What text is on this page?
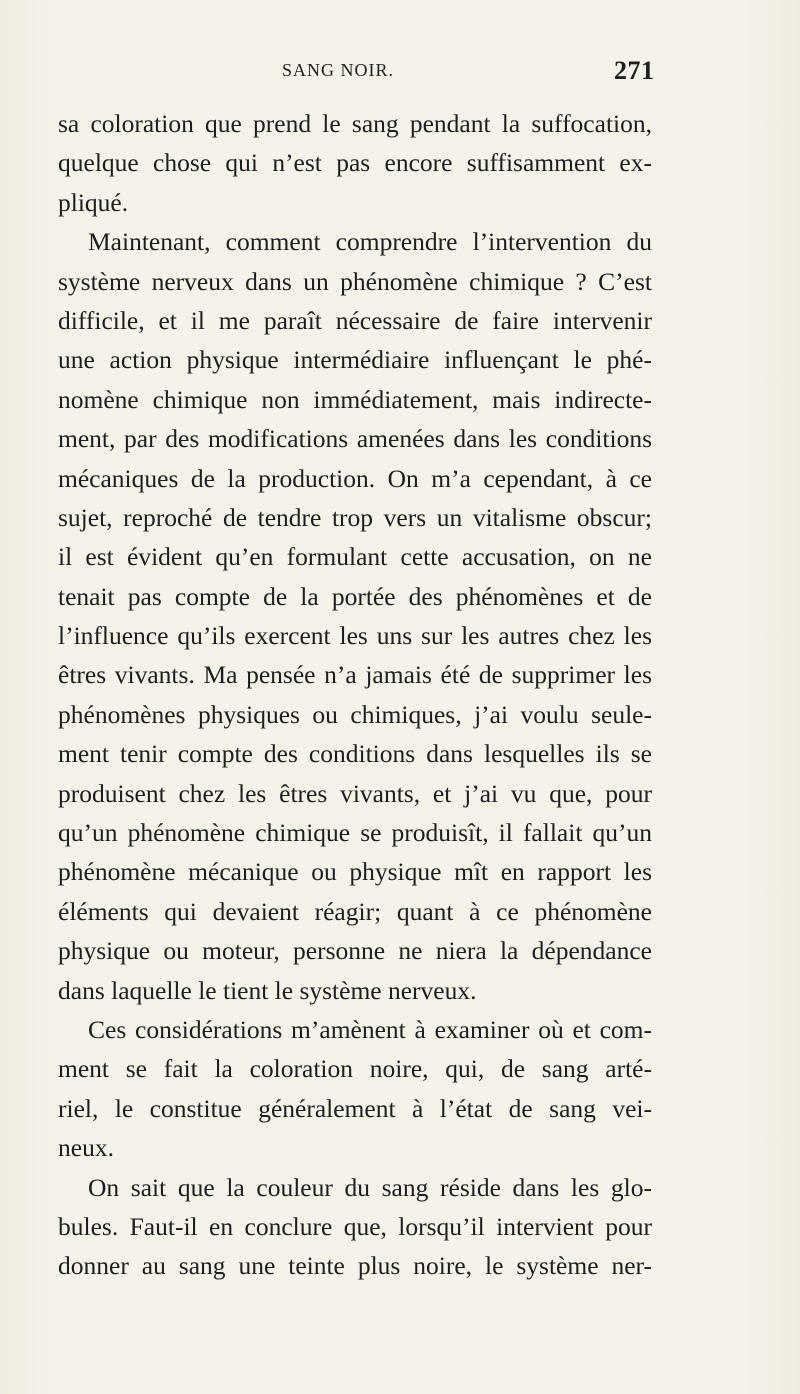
SANG NOIR.	271
sa coloration que prend le sang pendant la suffocation,
quelque chose qui n’est pas encore suffisamment ex-
pliqué.
Maintenant, comment comprendre l’intervention du
système nerveux dans un phénomène chimique ? C’est
difficile, et il me paraît nécessaire de faire intervenir
une action physique intermédiaire influençant le phé-
nomène chimique non immédiatement, mais indirecte-
ment, par des modifications amenées dans les conditions
mécaniques de la production. On m’a cependant, à ce
sujet, reproché de tendre trop vers un vitalisme obscur;
il est évident qu’en formulant cette accusation, on ne
tenait pas compte de la portée des phénomènes et de
l’influence qu’ils exercent les uns sur les autres chez les
êtres vivants. Ma pensée n’a jamais été de supprimer les
phénomènes physiques ou chimiques, j’ai voulu seule-
ment tenir compte des conditions dans lesquelles ils se
produisent chez les êtres vivants, et j’ai vu que, pour
qu’un phénomène chimique se produisît, il fallait qu’un
phénomène mécanique ou physique mît en rapport les
éléments qui devaient réagir; quant à ce phénomène
physique ou moteur, personne ne niera la dépendance
dans laquelle le tient le système nerveux.
Ces considérations m’amènent à examiner où et com-
ment se fait la coloration noire, qui, de sang arté-
riel, le constitue généralement à l’état de sang vei-
neux.
On sait que la couleur du sang réside dans les glo-
bules. Faut-il en conclure que, lorsqu’il intervient pour
donner au sang une teinte plus noire, le système ner-
